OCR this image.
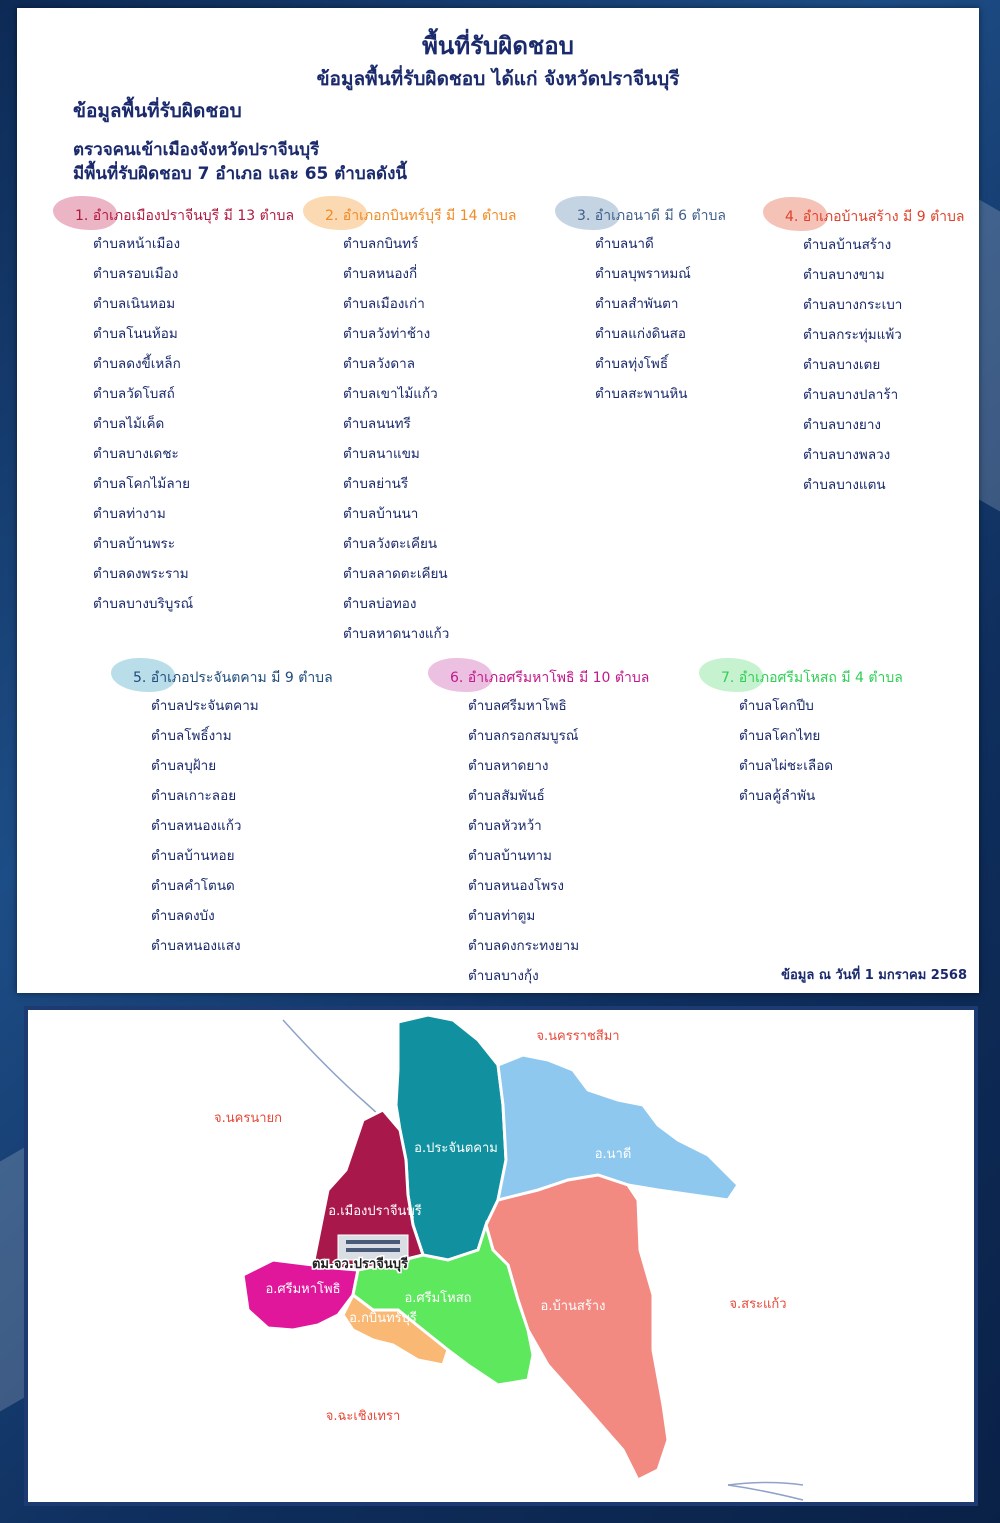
พื้นที่รับผิดชอบ
ข้อมูลพื้นที่รับผิดชอบ ได้แก่ จังหวัดปราจีนบุรี
ข้อมูลพื้นที่รับผิดชอบ
ตรวจคนเข้าเมืองจังหวัดปราจีนบุรี
มีพื้นที่รับผิดชอบ 7 อำเภอ และ 65 ตำบลดังนี้
1. อำเภอเมืองปราจีนบุรี มี 13 ตำบล
ตำบลหน้าเมือง
ตำบลรอบเมือง
ตำบลเนินหอม
ตำบลโนนห้อม
ตำบลดงขี้เหล็ก
ตำบลวัดโบสถ์
ตำบลไม้เค็ด
ตำบลบางเดชะ
ตำบลโคกไม้ลาย
ตำบลท่างาม
ตำบลบ้านพระ
ตำบลดงพระราม
ตำบลบางบริบูรณ์
2. อำเภอกบินทร์บุรี มี 14 ตำบล
ตำบลกบินทร์
ตำบลหนองกี่
ตำบลเมืองเก่า
ตำบลวังท่าช้าง
ตำบลวังดาล
ตำบลเขาไม้แก้ว
ตำบลนนทรี
ตำบลนาแขม
ตำบลย่านรี
ตำบลบ้านนา
ตำบลวังตะเคียน
ตำบลลาดตะเคียน
ตำบลบ่อทอง
ตำบลหาดนางแก้ว
3. อำเภอนาดี มี 6 ตำบล
ตำบลนาดี
ตำบลบุพราหมณ์
ตำบลสำพันตา
ตำบลแก่งดินสอ
ตำบลทุ่งโพธิ์
ตำบลสะพานหิน
4. อำเภอบ้านสร้าง มี 9 ตำบล
ตำบลบ้านสร้าง
ตำบลบางขาม
ตำบลบางกระเบา
ตำบลกระทุ่มแพ้ว
ตำบลบางเตย
ตำบลบางปลาร้า
ตำบลบางยาง
ตำบลบางพลวง
ตำบลบางแตน
5. อำเภอประจันตคาม มี 9 ตำบล
ตำบลประจันตคาม
ตำบลโพธิ์งาม
ตำบลบุฝ้าย
ตำบลเกาะลอย
ตำบลหนองแก้ว
ตำบลบ้านหอย
ตำบลคำโตนด
ตำบลดงบัง
ตำบลหนองแสง
6. อำเภอศรีมหาโพธิ มี 10 ตำบล
ตำบลศรีมหาโพธิ
ตำบลกรอกสมบูรณ์
ตำบลหาดยาง
ตำบลสัมพันธ์
ตำบลหัวหว้า
ตำบลบ้านทาม
ตำบลหนองโพรง
ตำบลท่าตูม
ตำบลดงกระทงยาม
ตำบลบางกุ้ง
7. อำเภอศรีมโหสถ มี 4 ตำบล
ตำบลโคกปีบ
ตำบลโคกไทย
ตำบลไผ่ชะเลือด
ตำบลคู้ลำพัน
ข้อมูล ณ วันที่ 1 มกราคม 2568
ตม.จว.ปราจีนบุรี
อ.ประจันตคาม	อ.นาดี
อ.เมืองปราจีนบุรี
อ.บ้านสร้าง
อ.ศรีมหาโพธิ
อ.ศรีมโหสถ
อ.กบินทร์บุรี
จ.นครราชสีมา
จ.นครนายก
จ.สระแก้ว
จ.ฉะเชิงเทรา
